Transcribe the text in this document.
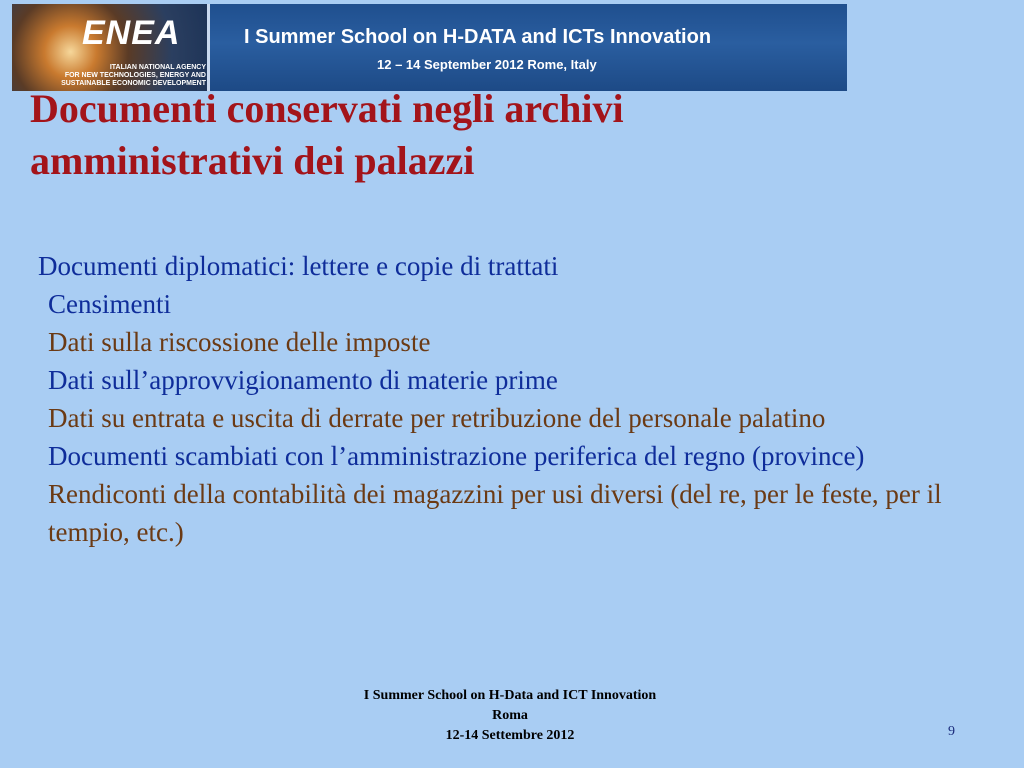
ENEA
ITALIAN NATIONAL AGENCY
FOR NEW TECHNOLOGIES, ENERGY AND
SUSTAINABLE ECONOMIC DEVELOPMENT
I Summer School on H-DATA and ICTs Innovation
12 – 14 September 2012 Rome, Italy
Documenti conservati negli archivi amministrativi dei palazzi
Documenti diplomatici: lettere e copie di trattati
Censimenti
Dati sulla riscossione delle imposte
Dati sull’approvvigionamento di materie prime
Dati su entrata e uscita di derrate per retribuzione del personale palatino
Documenti scambiati con l’amministrazione periferica del regno (province)
Rendiconti della contabilità dei magazzini per usi diversi (del re, per le feste, per il tempio, etc.)
I Summer School on H-Data and ICT Innovation
Roma
12-14 Settembre 2012	9
